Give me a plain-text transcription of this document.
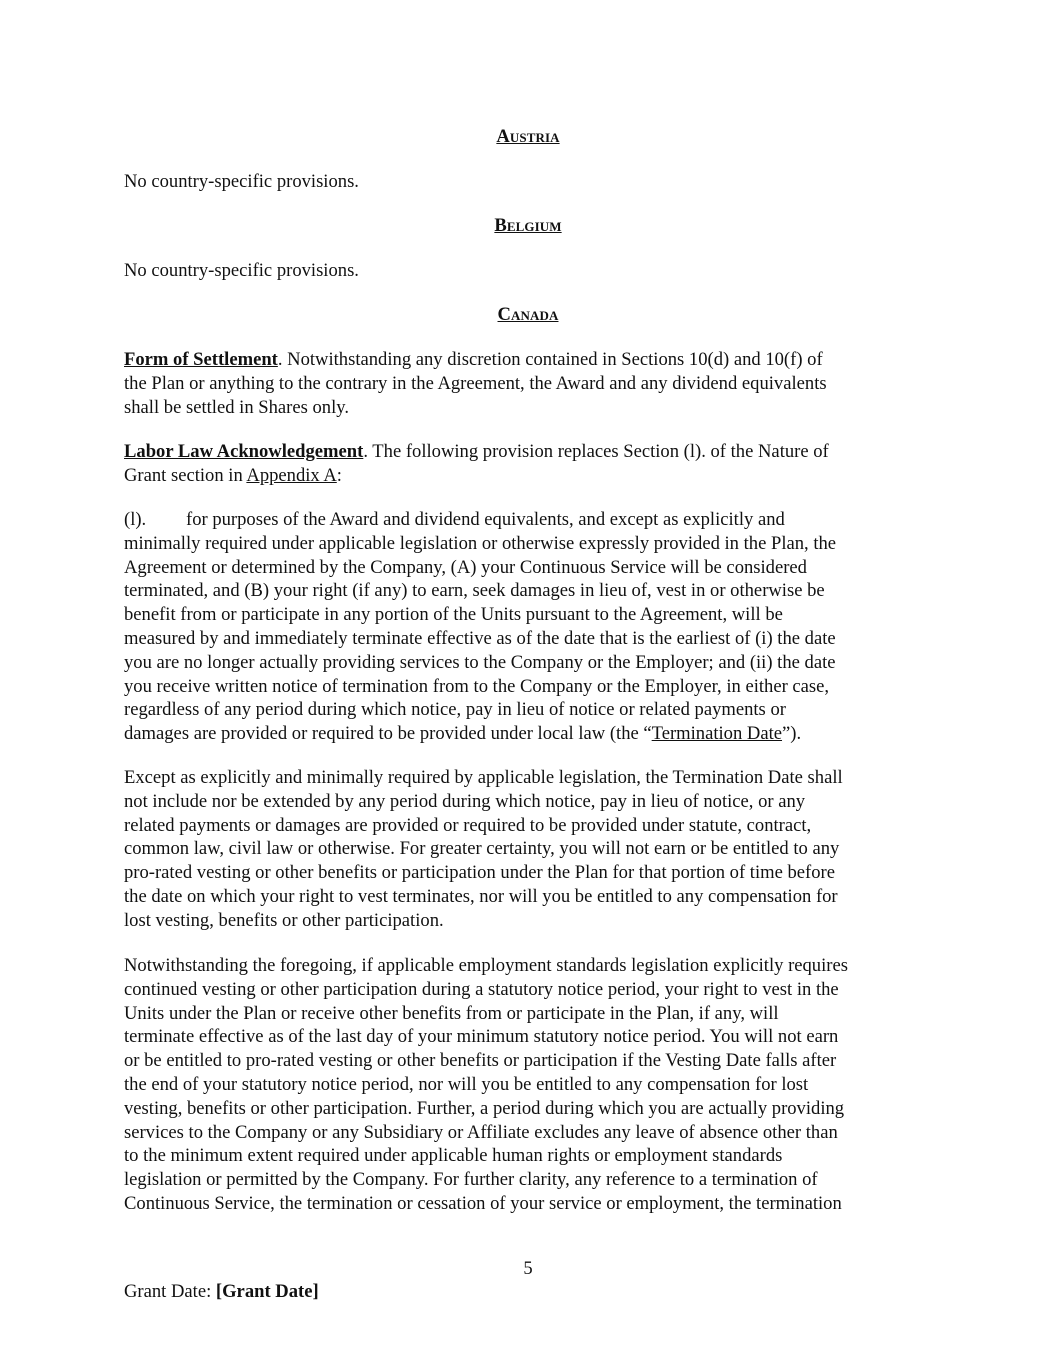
Austria

No country-specific provisions.

Belgium

No country-specific provisions.

Canada

Form of Settlement. Notwithstanding any discretion contained in Sections 10(d) and 10(f) of
the Plan or anything to the contrary in the Agreement, the Award and any dividend equivalents
shall be settled in Shares only.

Labor Law Acknowledgement. The following provision replaces Section (l). of the Nature of
Grant section in Appendix A:

(l). for purposes of the Award and dividend equivalents, and except as explicitly and
minimally required under applicable legislation or otherwise expressly provided in the Plan, the
Agreement or determined by the Company, (A) your Continuous Service will be considered
terminated, and (B) your right (if any) to earn, seek damages in lieu of, vest in or otherwise be
benefit from or participate in any portion of the Units pursuant to the Agreement, will be
measured by and immediately terminate effective as of the date that is the earliest of (i) the date
you are no longer actually providing services to the Company or the Employer; and (ii) the date
you receive written notice of termination from to the Company or the Employer, in either case,
regardless of any period during which notice, pay in lieu of notice or related payments or
damages are provided or required to be provided under local law (the “Termination Date”).

Except as explicitly and minimally required by applicable legislation, the Termination Date shall
not include nor be extended by any period during which notice, pay in lieu of notice, or any
related payments or damages are provided or required to be provided under statute, contract,
common law, civil law or otherwise. For greater certainty, you will not earn or be entitled to any
pro-rated vesting or other benefits or participation under the Plan for that portion of time before
the date on which your right to vest terminates, nor will you be entitled to any compensation for
lost vesting, benefits or other participation.

Notwithstanding the foregoing, if applicable employment standards legislation explicitly requires
continued vesting or other participation during a statutory notice period, your right to vest in the
Units under the Plan or receive other benefits from or participate in the Plan, if any, will
terminate effective as of the last day of your minimum statutory notice period. You will not earn
or be entitled to pro-rated vesting or other benefits or participation if the Vesting Date falls after
the end of your statutory notice period, nor will you be entitled to any compensation for lost
vesting, benefits or other participation. Further, a period during which you are actually providing
services to the Company or any Subsidiary or Affiliate excludes any leave of absence other than
to the minimum extent required under applicable human rights or employment standards
legislation or permitted by the Company. For further clarity, any reference to a termination of
Continuous Service, the termination or cessation of your service or employment, the termination

5
Grant Date: [Grant Date]
